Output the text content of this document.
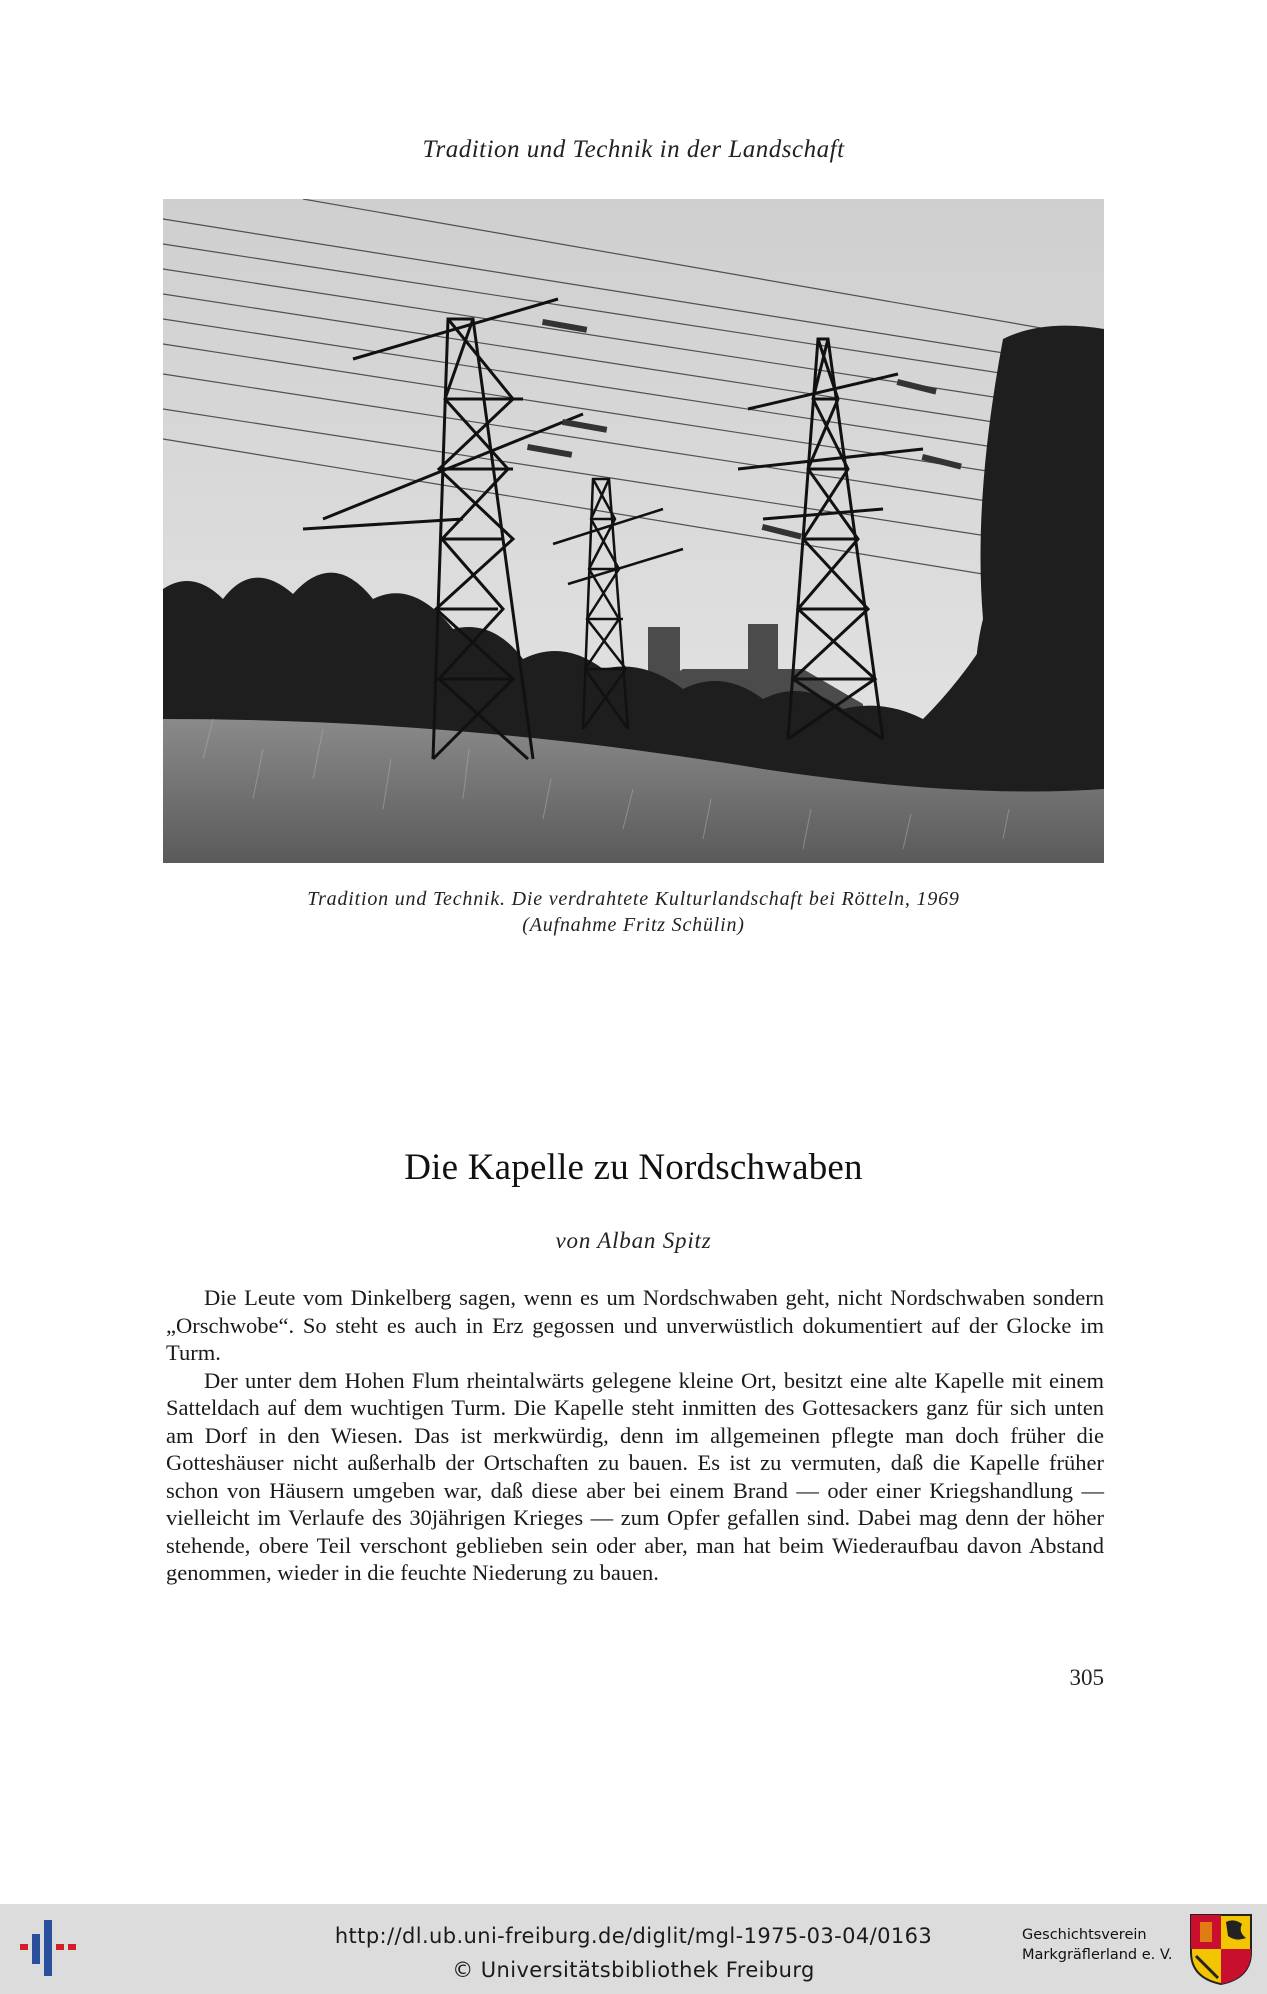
Tradition und Technik in der Landschaft
Tradition und Technik. Die verdrahtete Kulturlandschaft bei Rötteln, 1969
(Aufnahme Fritz Schülin)
Die Kapelle zu Nordschwaben
von Alban Spitz

Die Leute vom Dinkelberg sagen, wenn es um Nordschwaben geht, nicht Nordschwaben sondern „Orschwobe“. So steht es auch in Erz gegossen und unverwüstlich dokumentiert auf der Glocke im Turm.

Der unter dem Hohen Flum rheintalwärts gelegene kleine Ort, besitzt eine alte Kapelle mit einem Satteldach auf dem wuchtigen Turm. Die Kapelle steht inmitten des Gottesackers ganz für sich unten am Dorf in den Wiesen. Das ist merkwürdig, denn im allgemeinen pflegte man doch früher die Gotteshäuser nicht außerhalb der Ortschaften zu bauen. Es ist zu vermuten, daß die Kapelle früher schon von Häusern umgeben war, daß diese aber bei einem Brand — oder einer Kriegshandlung — vielleicht im Verlaufe des 30jährigen Krieges — zum Opfer gefallen sind. Dabei mag denn der höher stehende, obere Teil verschont geblieben sein oder aber, man hat beim Wiederaufbau davon Abstand genommen, wieder in die feuchte Niederung zu bauen.

305
http://dl.ub.uni-freiburg.de/diglit/mgl-1975-03-04/0163
© Universitätsbibliothek Freiburg
Geschichtsverein
Markgräflerland e. V.
